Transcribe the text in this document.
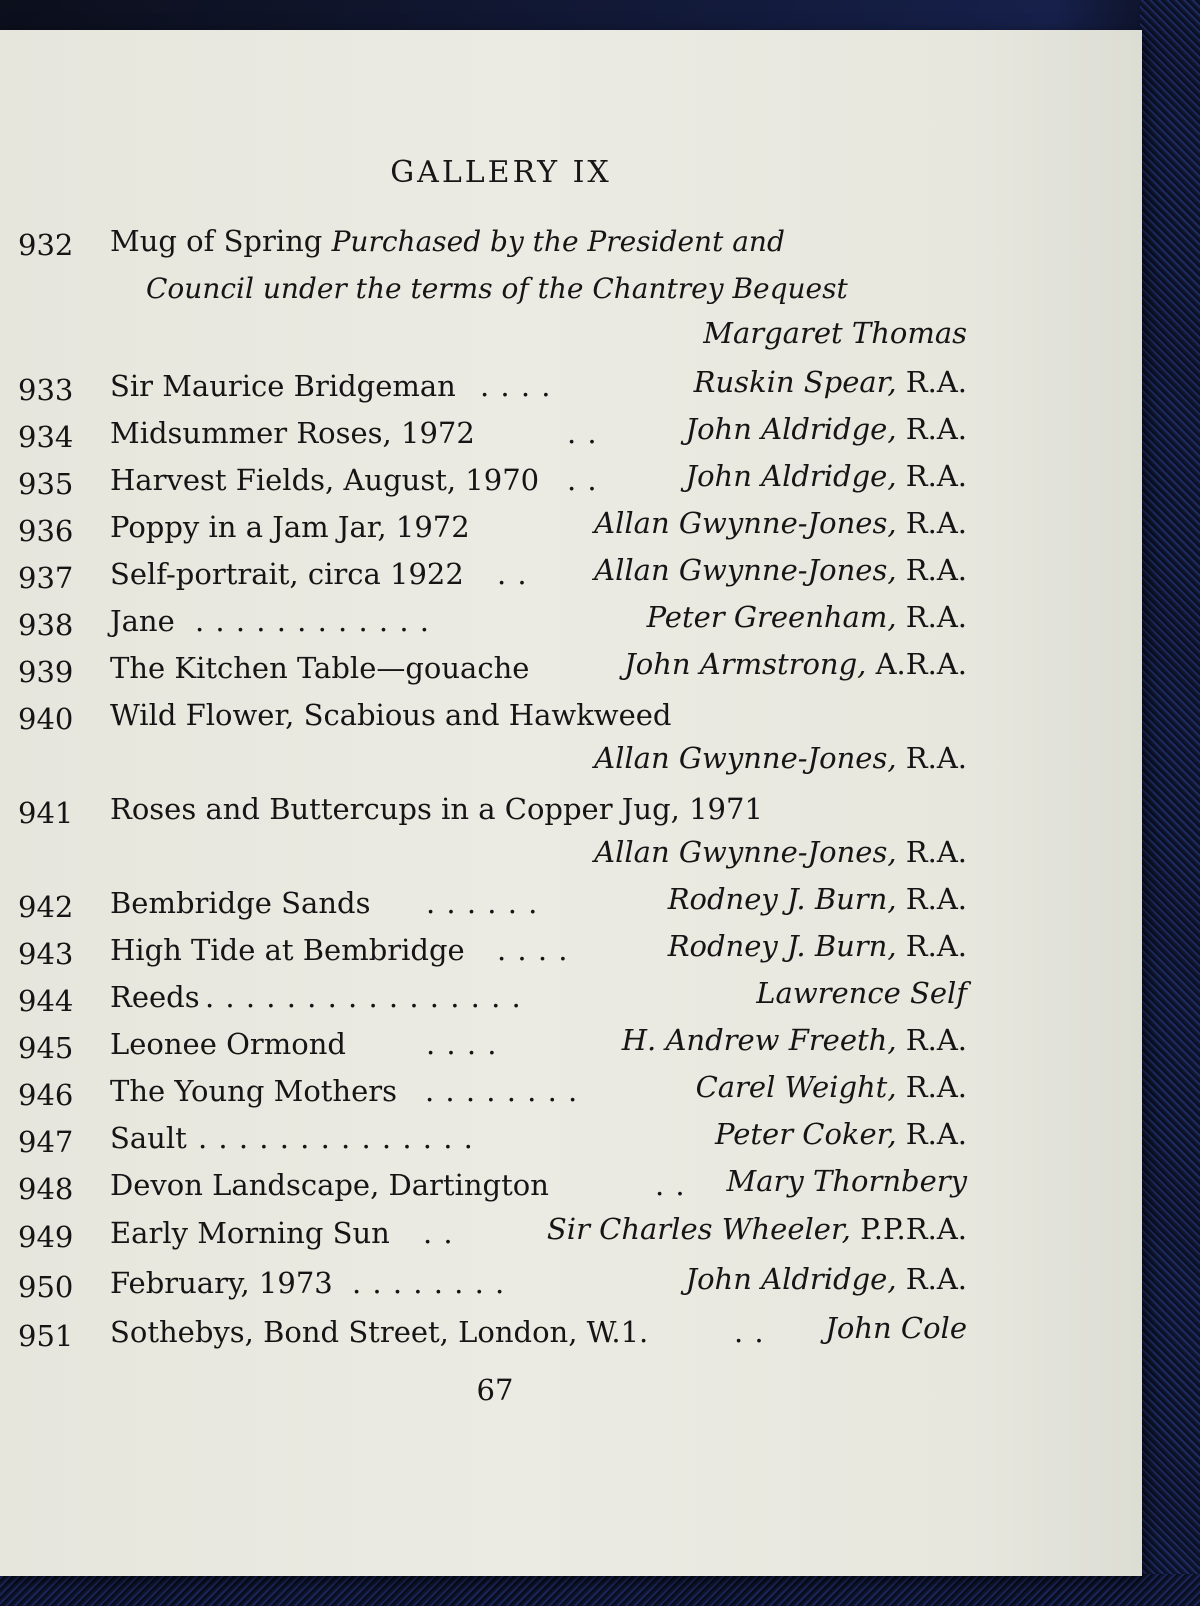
GALLERY IX
932	Mug of Spring Purchased by the President and
Council under the terms of the Chantrey Bequest
Margaret Thomas
933	Sir Maurice Bridgeman . . . .	Ruskin Spear, R.A.
934	Midsummer Roses, 1972	. .	John Aldridge, R.A.
935	Harvest Fields, August, 1970 . .	John Aldridge, R.A.
936	Poppy in a Jam Jar, 1972	Allan Gwynne-Jones, R.A.
937	Self-portrait, circa 1922 . . Allan Gwynne-Jones, R.A.
938	Jane . . . . . . . . . . . .	Peter Greenham, R.A.
939	The Kitchen Table—gouache	John Armstrong, A.R.A.
940	Wild Flower, Scabious and Hawkweed
Allan Gwynne-Jones, R.A.
941	Roses and Buttercups in a Copper Jug, 1971
Allan Gwynne-Jones, R.A.
942	Bembridge Sands . . . . . .	Rodney J. Burn, R.A.
943	High Tide at Bembridge . . . .	Rodney J. Burn, R.A.
944	Reeds . . . . . . . . . . . . . . . .	Lawrence Self
945	Leonee Ormond	. . . .	H. Andrew Freeth, R.A.
946	The Young Mothers . . . . . . . .	Carel Weight, R.A.
947	Sault . . . . . . . . . . . . . .	Peter Coker, R.A.
948	Devon Landscape, Dartington	. . Mary Thornbery
949	Early Morning Sun . .	Sir Charles Wheeler, P.P.R.A.
950	February, 1973 . . . . . . . .	John Aldridge, R.A.
951	Sothebys, Bond Street, London, W.1.	. . John Cole
67
